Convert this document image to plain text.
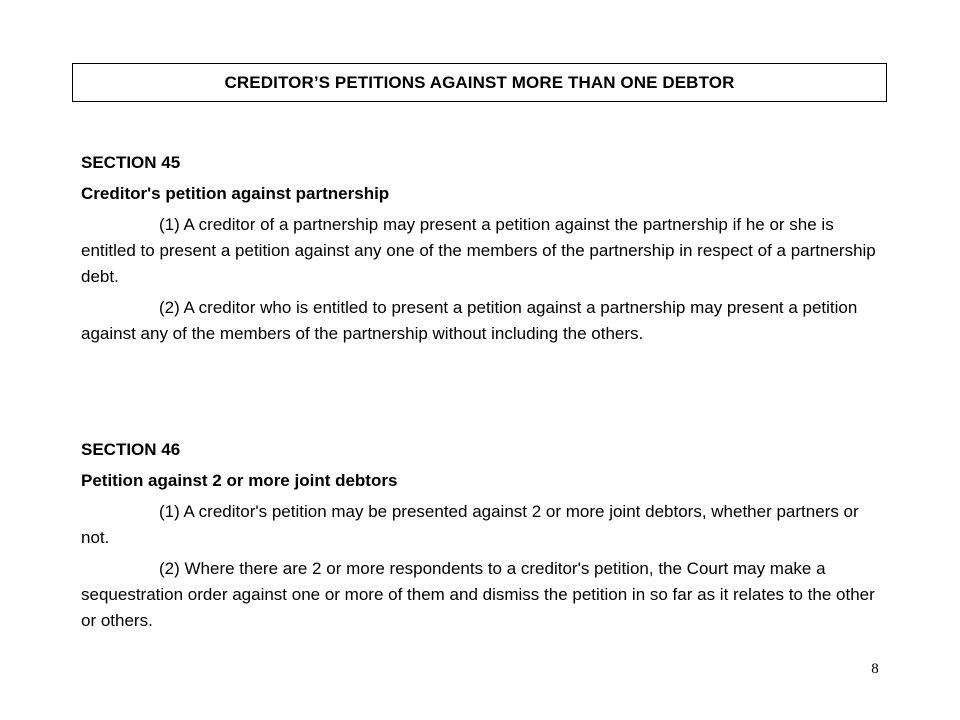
CREDITOR’S PETITIONS AGAINST MORE THAN ONE DEBTOR

SECTION 45

Creditor's petition against partnership

(1) A creditor of a partnership may present a petition against the partnership if he or she is entitled to present a petition against any one of the members of the partnership in respect of a partnership debt.

(2) A creditor who is entitled to present a petition against a partnership may present a petition against any of the members of the partnership without including the others.

SECTION 46

Petition against 2 or more joint debtors

(1) A creditor's petition may be presented against 2 or more joint debtors, whether partners or not.

(2) Where there are 2 or more respondents to a creditor's petition, the Court may make a sequestration order against one or more of them and dismiss the petition in so far as it relates to the other or others.

8
